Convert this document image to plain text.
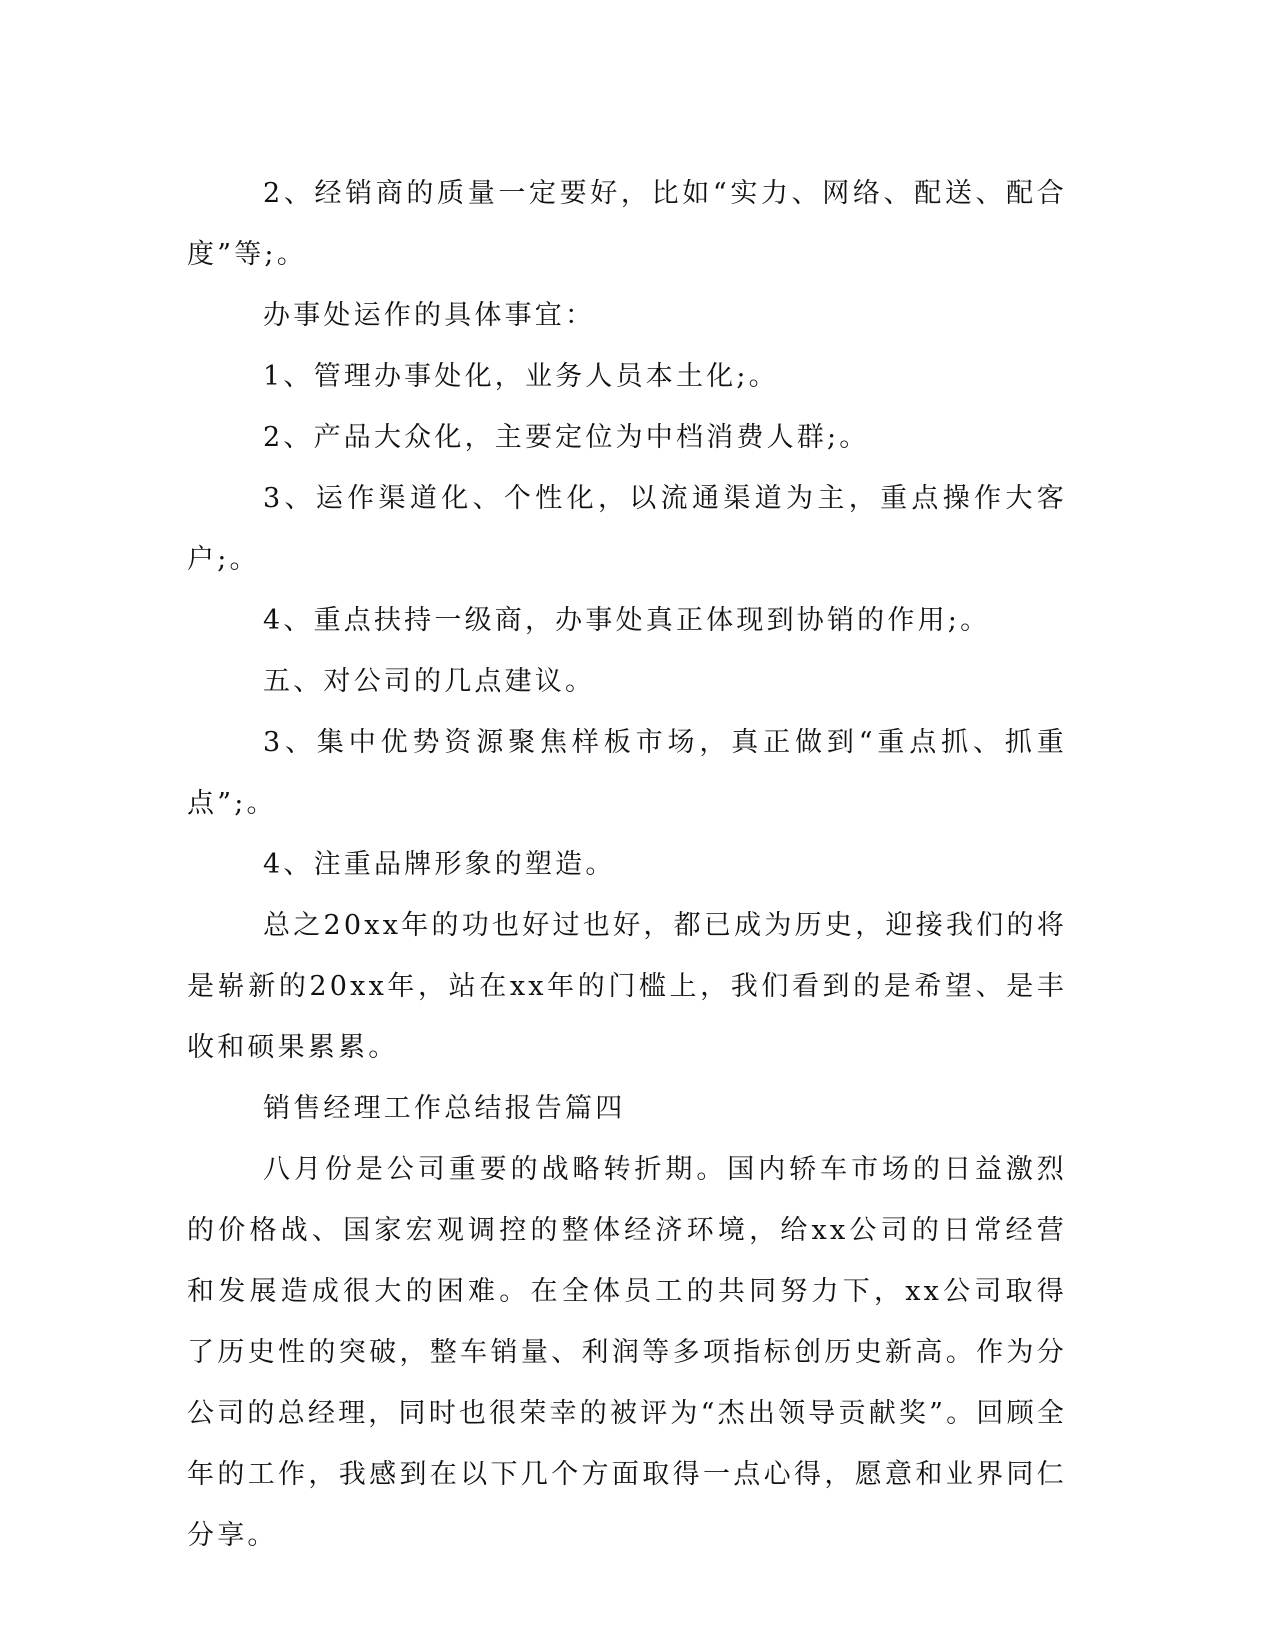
2、经销商的质量一定要好，比如“实力、网络、配送、配合度”等;。

办事处运作的具体事宜：

1、管理办事处化，业务人员本土化;。

2、产品大众化，主要定位为中档消费人群;。

3、运作渠道化、个性化，以流通渠道为主，重点操作大客户;。

4、重点扶持一级商，办事处真正体现到协销的作用;。

五、对公司的几点建议。

3、集中优势资源聚焦样板市场，真正做到“重点抓、抓重点”;。

4、注重品牌形象的塑造。

总之20xx年的功也好过也好，都已成为历史，迎接我们的将是崭新的20xx年，站在xx年的门槛上，我们看到的是希望、是丰收和硕果累累。

销售经理工作总结报告篇四

八月份是公司重要的战略转折期。国内轿车市场的日益激烈的价格战、国家宏观调控的整体经济环境，给xx公司的日常经营和发展造成很大的困难。在全体员工的共同努力下，xx公司取得了历史性的突破，整车销量、利润等多项指标创历史新高。作为分公司的总经理，同时也很荣幸的被评为“杰出领导贡献奖”。回顾全年的工作，我感到在以下几个方面取得一点心得，愿意和业界同仁分享。
